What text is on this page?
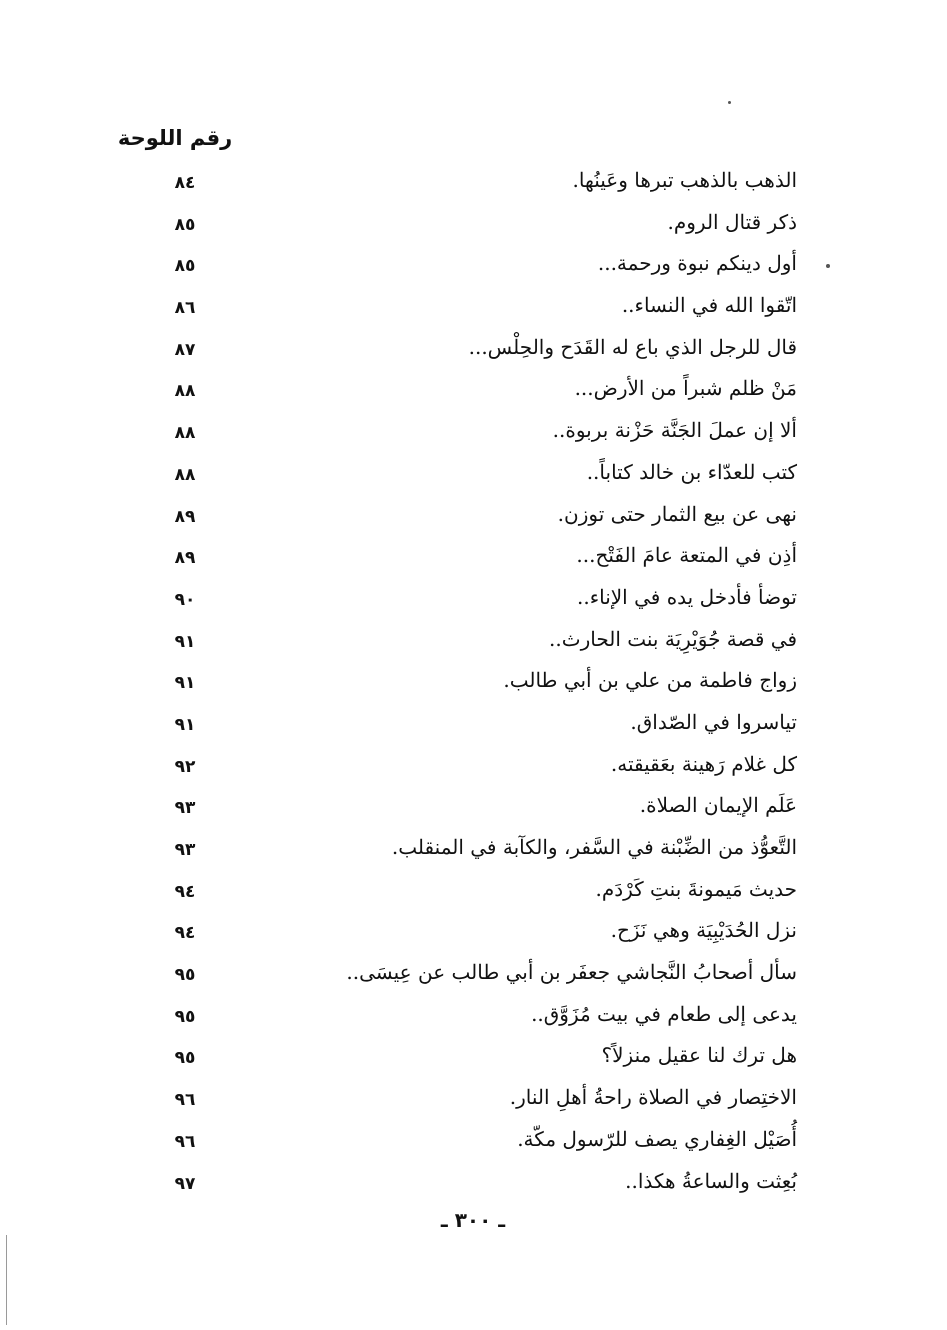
رقم اللوحة
الذهب بالذهب تبرها وعَينُها.
٨٤
ذكر قتال الروم.
٨٥
أول دينكم نبوة ورحمة...
٨٥
اتّقوا الله في النساء..
٨٦
قال للرجل الذي باع له القَدَح والحِلْس...
٨٧
مَنْ ظلم شبراً من الأرض...
٨٨
ألا إن عملَ الجَنَّة حَزْنة بربوة..
٨٨
كتب للعدّاء بن خالد كتاباً..
٨٨
نهى عن بيع الثمار حتى توزن.
٨٩
أذِن في المتعة عامَ الفَتْح...
٨٩
توضأ فأدخل يده في الإناء..
٩٠
في قصة جُوَيْرِيَة بنت الحارث..
٩١
زواج فاطمة من علي بن أبي طالب.
٩١
تياسروا في الصّداق.
٩١
كل غلام رَهينة بعَقيقته.
٩٢
عَلَم الإيمان الصلاة.
٩٣
التَّعوُّذ من الضِّبْنة في السَّفر، والكآبة في المنقلب.
٩٣
حديث مَيمونةَ بنتِ كَرْدَم.
٩٤
نزل الحُدَيْبِيَة وهي نَزَح.
٩٤
سأل أصحابُ النَّجاشي جعفَر بن أبي طالب عن عِيسَى..
٩٥
يدعى إلى طعام في بيت مُزَوَّق..
٩٥
هل ترك لنا عقيل منزلاً؟
٩٥
الاختِصار في الصلاة راحةُ أهلِ النار.
٩٦
أُصَيْل الغِفاري يصف للرّسول مكّة.
٩٦
بُعِثت والساعةُ هكذا..
٩٧
ـ ٣٠٠ ـ
